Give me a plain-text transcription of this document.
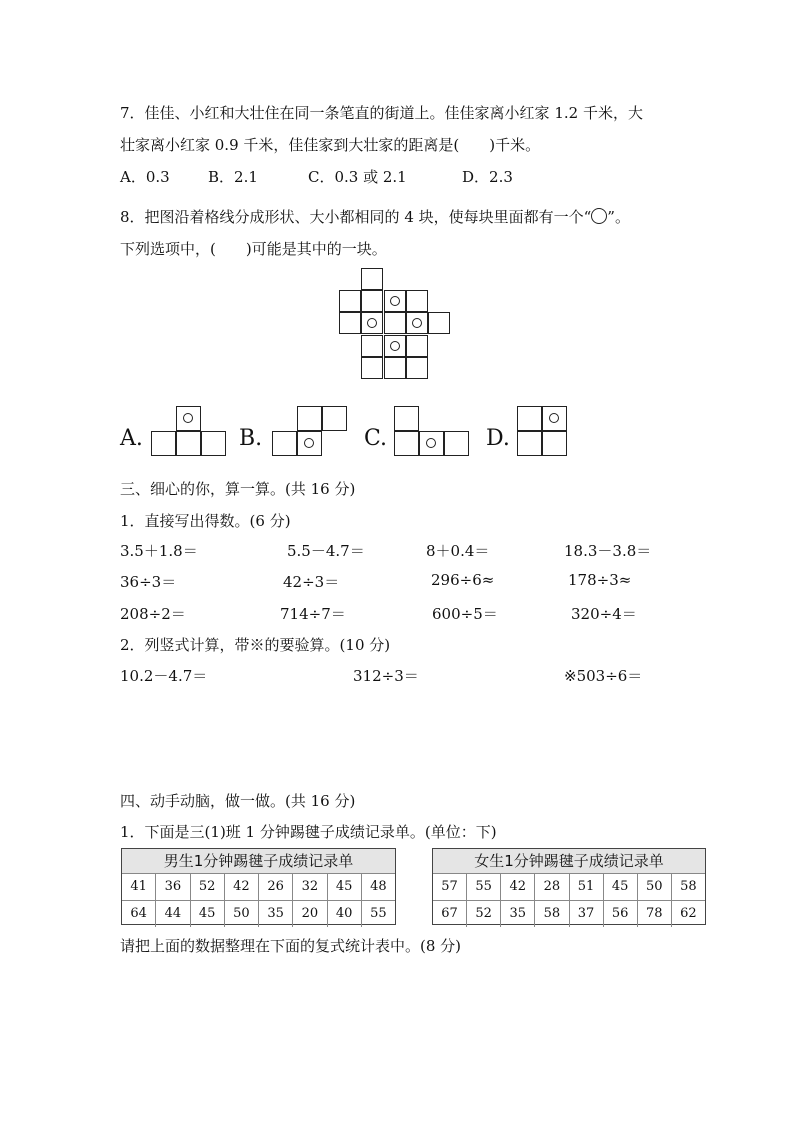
7．佳佳、小红和大壮住在同一条笔直的街道上。佳佳家离小红家 1.2 千米，大
壮家离小红家 0.9 千米，佳佳家到大壮家的距离是(　　)千米。
A．0.3	B．2.1	C．0.3 或 2.1	D．2.3
8．把图沿着格线分成形状、大小都相同的 4 块，使每块里面都有一个“ ”。
下列选项中，(　　)可能是其中的一块。
A.	B.	C.	D.
三、细心的你，算一算。(共 16 分)
1．直接写出得数。(6 分)
3.5＋1.8＝	5.5－4.7＝	8＋0.4＝	18.3－3.8＝
36÷3＝	42÷3＝	296÷6≈	178÷3≈
208÷2＝	714÷7＝	600÷5＝	320÷4＝
2．列竖式计算，带※的要验算。(10 分)
10.2－4.7＝	312÷3＝	※503÷6＝
四、动手动脑，做一做。(共 16 分)
1．下面是三(1)班 1 分钟踢毽子成绩记录单。(单位：下)
男生1分钟踢毽子成绩记录单
41	36	52	42	26	32	45	48
64	44	45	50	35	20	40	55
女生1分钟踢毽子成绩记录单
57	55	42	28	51	45	50	58
67	52	35	58	37	56	78	62
请把上面的数据整理在下面的复式统计表中。(8 分)
